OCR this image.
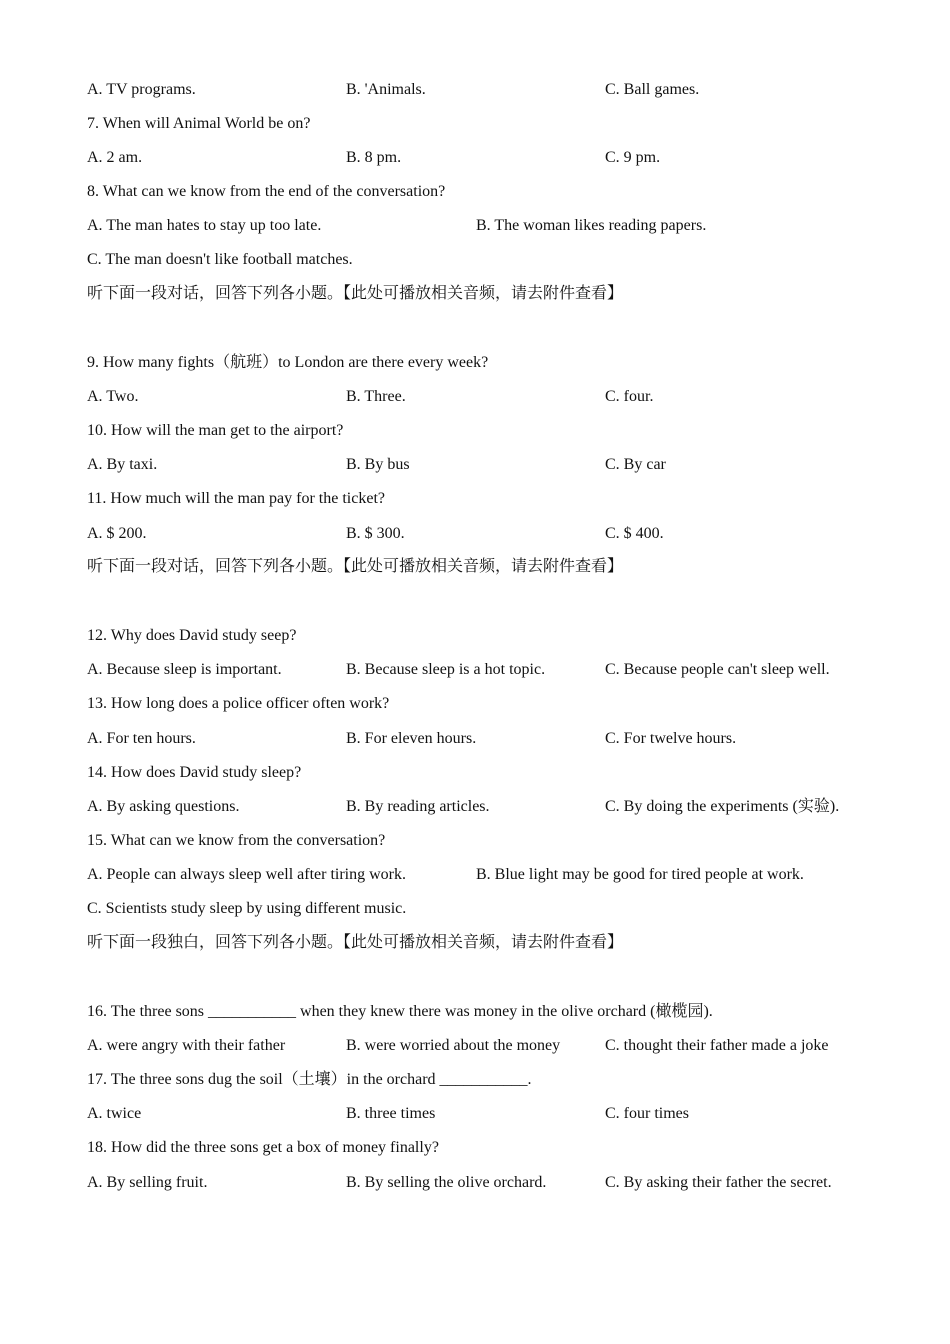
A. TV programs.	B. 'Animals.	C. Ball games.
7. When will Animal World be on?
A. 2 am.	B. 8 pm.	C. 9 pm.
8. What can we know from the end of the conversation?
A. The man hates to stay up too late.	B. The woman likes reading papers.
C. The man doesn't like football matches.
听下面一段对话，回答下列各小题。【此处可播放相关音频，请去附件查看】
9. How many fights（航班）to London are there every week?
A. Two.	B. Three.	C. four.
10. How will the man get to the airport?
A. By taxi.	B. By bus	C. By car
11. How much will the man pay for the ticket?
A. $ 200.	B. $ 300.	C. $ 400.
听下面一段对话，回答下列各小题。【此处可播放相关音频，请去附件查看】
12. Why does David study seep?
A. Because sleep is important.	B. Because sleep is a hot topic.	C. Because people can't sleep well.
13. How long does a police officer often work?
A. For ten hours.	B. For eleven hours.	C. For twelve hours.
14. How does David study sleep?
A. By asking questions.	B. By reading articles.	C. By doing the experiments (实验).
15. What can we know from the conversation?
A. People can always sleep well after tiring work.	B. Blue light may be good for tired people at work.
C. Scientists study sleep by using different music.
听下面一段独白，回答下列各小题。【此处可播放相关音频，请去附件查看】
16. The three sons ___________ when they knew there was money in the olive orchard (橄榄园).
A. were angry with their father	B. were worried about the money	C. thought their father made a joke
17. The three sons dug the soil（土壤）in the orchard ___________.
A. twice	B. three times	C. four times
18. How did the three sons get a box of money finally?
A. By selling fruit.	B. By selling the olive orchard.	C. By asking their father the secret.
